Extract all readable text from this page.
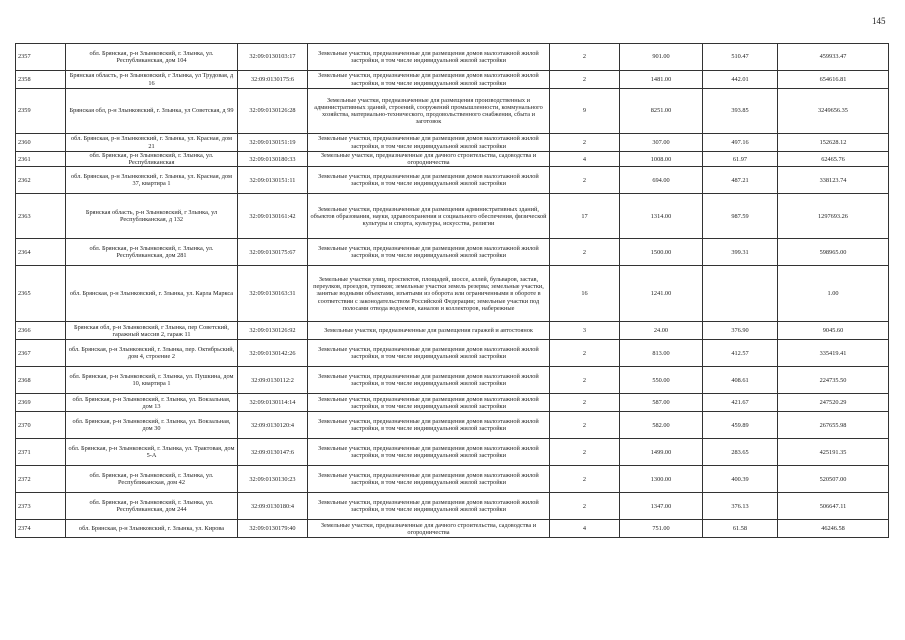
145
2357	обл. Брянская, р-н Злынковский, г. Злынка, ул. Республиканская, дом 104	32:09:0130103:17	Земельные участки, предназначенные для размещения домов малоэтажной жилой застройки, в том числе индивидуальной жилой застройки	2	901.00	510.47	459933.47
2358	Брянская область, р-н Злынковский, г Злынка, ул Трудовая, д 16	32:09:0130175:6	Земельные участки, предназначенные для размещения домов малоэтажной жилой застройки, в том числе индивидуальной жилой застройки	2	1481.00	442.01	654616.81
2359	Брянская обл, р-н Злынковский, г. Злынка, ул Советская, д 99	32:09:0130126:28	Земельные участки, предназначенные для размещения производственных и административных зданий, строений, сооружений промышленности, коммунального хозяйства, материально-технического, продовольственного снабжения, сбыта и заготовок	9	8251.00	393.85	3249656.35
2360	обл. Брянская, р-н Злынковский, г. Злынка, ул. Красная, дом 21	32:09:0130151:19	Земельные участки, предназначенные для размещения домов малоэтажной жилой застройки, в том числе индивидуальной жилой застройки	2	307.00	497.16	152628.12
2361	обл. Брянская, р-н Злынковский, г. Злынка, ул. Республиканская	32:09:0130180:33	Земельные участки, предназначенные для дачного строительства, садоводства и огородничества	4	1008.00	61.97	62465.76
2362	обл. Брянская, р-н Злынковский, г. Злынка, ул. Красная, дом 37, квартира 1	32:09:0130151:11	Земельные участки, предназначенные для размещения домов малоэтажной жилой застройки, в том числе индивидуальной жилой застройки	2	694.00	487.21	338123.74
2363	Брянская область, р-н Злынковский, г Злынка, ул Республиканская, д 132	32:09:0130161:42	Земельные участки, предназначенные для размещения административных зданий, объектов образования, науки, здравоохранения и социального обеспечения, физической культуры и спорта, культуры, искусства, религии	17	1314.00	987.59	1297693.26
2364	обл. Брянская, р-н Злынковский, г. Злынка, ул. Республиканская, дом 281	32:09:0130175:67	Земельные участки, предназначенные для размещения домов малоэтажной жилой застройки, в том числе индивидуальной жилой застройки	2	1500.00	399.31	598965.00
2365	обл. Брянская, р-н Злынковский, г. Злынка, ул. Карла Маркса	32:09:0130163:31	Земельные участки улиц, проспектов, площадей, шоссе, аллей, бульваров, застав, переулков, проездов, тупиков; земельные участки земель резерва; земельные участки, занятые водными объектами, изъятыми из оборота или ограниченными в обороте в соответствии с законодательством Российской Федерации; земельные участки под полосами отвода водоемов, каналов и коллекторов, набережные	16	1241.00		1.00
2366	Брянская обл, р-н Злынковский, г Злынка, пер Советский, гаражный массив 2, гараж 11	32:09:0130126:92	Земельные участки, предназначенные для размещения гаражей и автостоянок	3	24.00	376.90	9045.60
2367	обл. Брянская, р-н Злынковский, г. Злынка, пер. Октябрьский, дом 4, строение 2	32:09:0130142:26	Земельные участки, предназначенные для размещения домов малоэтажной жилой застройки, в том числе индивидуальной жилой застройки	2	813.00	412.57	335419.41
2368	обл. Брянская, р-н Злынковский, г. Злынка, ул. Пушкина, дом 10, квартира 1	32:09:0130112:2	Земельные участки, предназначенные для размещения домов малоэтажной жилой застройки, в том числе индивидуальной жилой застройки	2	550.00	408.61	224735.50
2369	обл. Брянская, р-н Злынковский, г. Злынка, ул. Вокзальная, дом 13	32:09:0130114:14	Земельные участки, предназначенные для размещения домов малоэтажной жилой застройки, в том числе индивидуальной жилой застройки	2	587.00	421.67	247520.29
2370	обл. Брянская, р-н Злынковский, г. Злынка, ул. Вокзальная, дом 30	32:09:0130120:4	Земельные участки, предназначенные для размещения домов малоэтажной жилой застройки, в том числе индивидуальной жилой застройки	2	582.00	459.89	267655.98
2371	обл. Брянская, р-н Злынковский, г. Злынка, ул. Трактовая, дом 5-А	32:09:0130147:6	Земельные участки, предназначенные для размещения домов малоэтажной жилой застройки, в том числе индивидуальной жилой застройки	2	1499.00	283.65	425191.35
2372	обл. Брянская, р-н Злынковский, г. Злынка, ул. Республиканская, дом 42	32:09:0130130:23	Земельные участки, предназначенные для размещения домов малоэтажной жилой застройки, в том числе индивидуальной жилой застройки	2	1300.00	400.39	520507.00
2373	обл. Брянская, р-н Злынковский, г. Злынка, ул. Республиканская, дом 244	32:09:0130180:4	Земельные участки, предназначенные для размещения домов малоэтажной жилой застройки, в том числе индивидуальной жилой застройки	2	1347.00	376.13	506647.11
2374	обл. Брянская, р-н Злынковский, г. Злынка, ул. Кирова	32:09:0130179:40	Земельные участки, предназначенные для дачного строительства, садоводства и огородничества	4	751.00	61.58	46246.58
